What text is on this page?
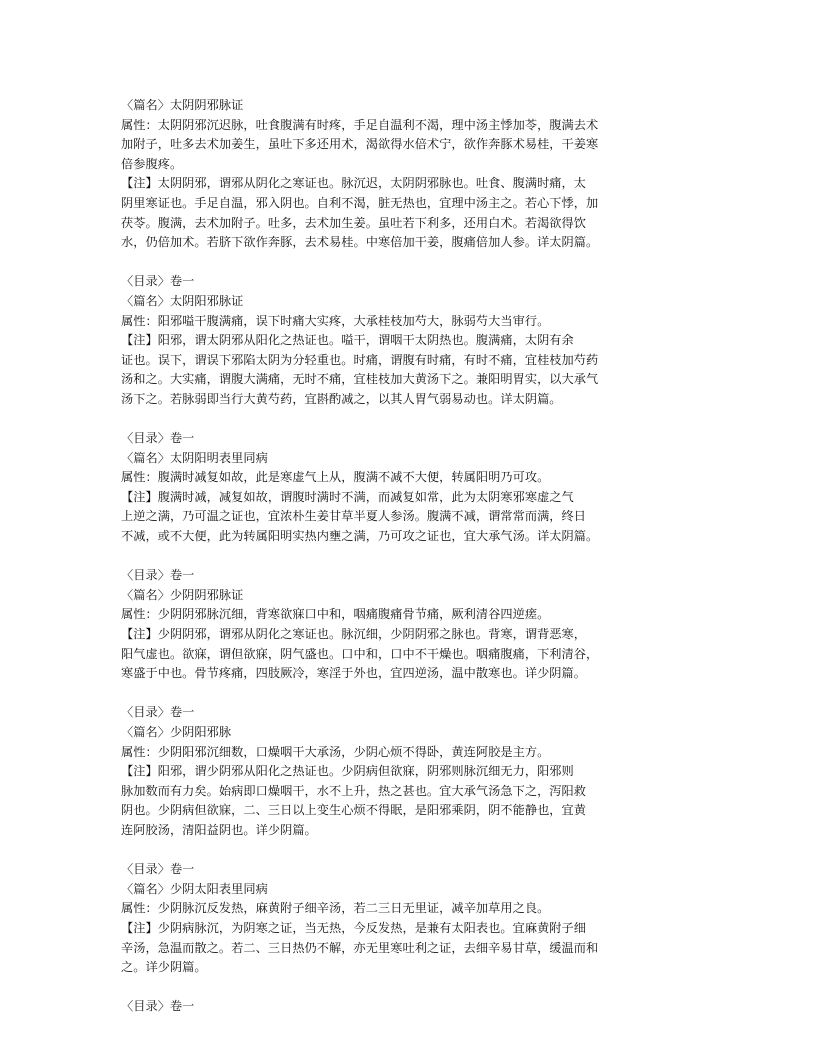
〈篇名〉太阴阴邪脉证
属性：太阴阴邪沉迟脉，吐食腹满有时疼，手足自温利不渴，理中汤主悸加苓，腹满去术
加附子，吐多去术加姜生，虽吐下多还用术，渴欲得水倍术宁，欲作奔豚术易桂，干姜寒
倍参腹疼。
【注】太阴阴邪，谓邪从阴化之寒证也。脉沉迟，太阴阴邪脉也。吐食、腹满时痛，太
阴里寒证也。手足自温，邪入阴也。自利不渴，脏无热也，宜理中汤主之。若心下悸，加
茯苓。腹满，去术加附子。吐多，去术加生姜。虽吐若下利多，还用白术。若渴欲得饮
水，仍倍加术。若脐下欲作奔豚，去术易桂。中寒倍加干姜，腹痛倍加人参。详太阴篇。
〈目录〉卷一
〈篇名〉太阴阳邪脉证
属性：阳邪嗌干腹满痛，误下时痛大实疼，大承桂枝加芍大，脉弱芍大当审行。
【注】阳邪，谓太阴邪从阳化之热证也。嗌干，谓咽干太阴热也。腹满痛，太阴有余
证也。误下，谓误下邪陷太阴为分轻重也。时痛，谓腹有时痛，有时不痛，宜桂枝加芍药
汤和之。大实痛，谓腹大满痛，无时不痛，宜桂枝加大黄汤下之。兼阳明胃实，以大承气
汤下之。若脉弱即当行大黄芍药，宜斟酌减之，以其人胃气弱易动也。详太阴篇。
〈目录〉卷一
〈篇名〉太阴阳明表里同病
属性：腹满时减复如故，此是寒虚气上从，腹满不减不大便，转属阳明乃可攻。
【注】腹满时减，减复如故，谓腹时满时不满，而减复如常，此为太阴寒邪寒虚之气
上逆之满，乃可温之证也，宜浓朴生姜甘草半夏人参汤。腹满不减，谓常常而满，终日
不减，或不大便，此为转属阳明实热内壅之满，乃可攻之证也，宜大承气汤。详太阴篇。
〈目录〉卷一
〈篇名〉少阴阴邪脉证
属性：少阴阴邪脉沉细，背寒欲寐口中和，咽痛腹痛骨节痛，厥利清谷四逆瘥。
【注】少阴阴邪，谓邪从阴化之寒证也。脉沉细，少阴阴邪之脉也。背寒，谓背恶寒，
阳气虚也。欲寐，谓但欲寐，阴气盛也。口中和，口中不干燥也。咽痛腹痛，下利清谷，
寒盛于中也。骨节疼痛，四肢厥冷，寒淫于外也，宜四逆汤，温中散寒也。详少阴篇。
〈目录〉卷一
〈篇名〉少阴阳邪脉
属性：少阴阳邪沉细数，口燥咽干大承汤，少阴心烦不得卧，黄连阿胶是主方。
【注】阳邪，谓少阴邪从阳化之热证也。少阴病但欲寐，阴邪则脉沉细无力，阳邪则
脉加数而有力矣。始病即口燥咽干，水不上升，热之甚也。宜大承气汤急下之，泻阳救
阴也。少阴病但欲寐，二、三日以上变生心烦不得眠，是阳邪乘阴，阴不能静也，宜黄
连阿胶汤，清阳益阴也。详少阴篇。
〈目录〉卷一
〈篇名〉少阴太阳表里同病
属性：少阴脉沉反发热，麻黄附子细辛汤，若二三日无里证，减辛加草用之良。
【注】少阴病脉沉，为阴寒之证，当无热，今反发热，是兼有太阳表也。宜麻黄附子细
辛汤，急温而散之。若二、三日热仍不解，亦无里寒吐利之证，去细辛易甘草，缓温而和
之。详少阴篇。
〈目录〉卷一
